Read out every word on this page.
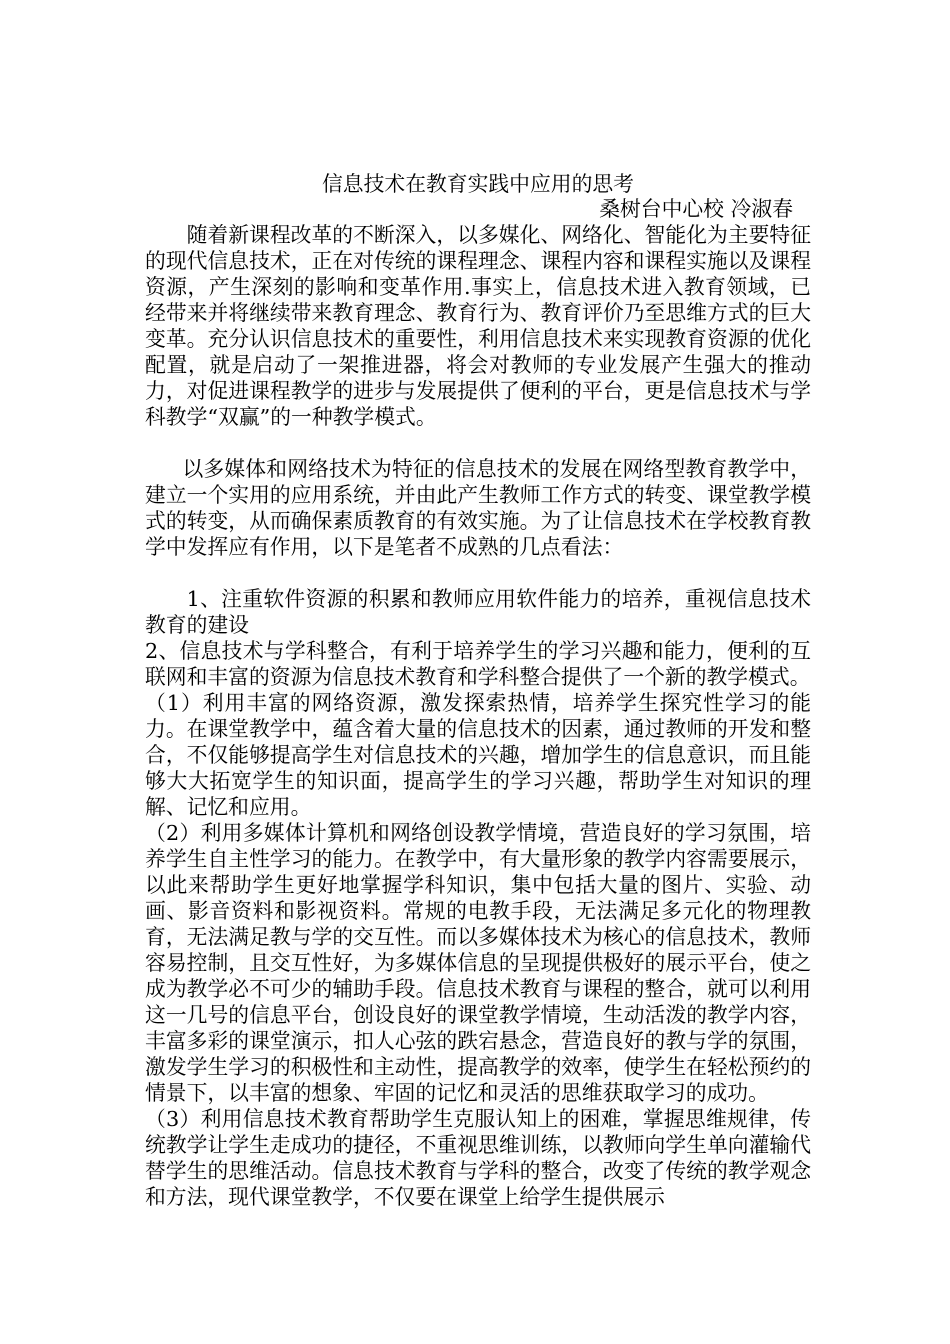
信息技术在教育实践中应用的思考
桑树台中心校 冷淑春

随着新课程改革的不断深入，以多媒化、网络化、智能化为主要特征的现代信息技术，正在对传统的课程理念、课程内容和课程实施以及课程资源，产生深刻的影响和变革作用.事实上，信息技术进入教育领域，已经带来并将继续带来教育理念、教育行为、教育评价乃至思维方式的巨大变革。充分认识信息技术的重要性，利用信息技术来实现教育资源的优化配置，就是启动了一架推进器，将会对教师的专业发展产生强大的推动力，对促进课程教学的进步与发展提供了便利的平台，更是信息技术与学科教学“双赢”的一种教学模式。

以多媒体和网络技术为特征的信息技术的发展在网络型教育教学中，建立一个实用的应用系统，并由此产生教师工作方式的转变、课堂教学模式的转变，从而确保素质教育的有效实施。为了让信息技术在学校教育教学中发挥应有作用，以下是笔者不成熟的几点看法：

1、注重软件资源的积累和教师应用软件能力的培养，重视信息技术教育的建设

2、信息技术与学科整合，有利于培养学生的学习兴趣和能力，便利的互联网和丰富的资源为信息技术教育和学科整合提供了一个新的教学模式。

（1）利用丰富的网络资源，激发探索热情，培养学生探究性学习的能力。在课堂教学中，蕴含着大量的信息技术的因素，通过教师的开发和整合，不仅能够提高学生对信息技术的兴趣，增加学生的信息意识，而且能够大大拓宽学生的知识面，提高学生的学习兴趣，帮助学生对知识的理解、记忆和应用。

（2）利用多媒体计算机和网络创设教学情境，营造良好的学习氛围，培养学生自主性学习的能力。在教学中，有大量形象的教学内容需要展示，以此来帮助学生更好地掌握学科知识，集中包括大量的图片、实验、动画、影音资料和影视资料。常规的电教手段，无法满足多元化的物理教育，无法满足教与学的交互性。而以多媒体技术为核心的信息技术，教师容易控制，且交互性好，为多媒体信息的呈现提供极好的展示平台，使之成为教学必不可少的辅助手段。信息技术教育与课程的整合，就可以利用这一几号的信息平台，创设良好的课堂教学情境，生动活泼的教学内容，丰富多彩的课堂演示，扣人心弦的跌宕悬念，营造良好的教与学的氛围，激发学生学习的积极性和主动性，提高教学的效率，使学生在轻松预约的情景下，以丰富的想象、牢固的记忆和灵活的思维获取学习的成功。

（3）利用信息技术教育帮助学生克服认知上的困难，掌握思维规律，传统教学让学生走成功的捷径，不重视思维训练，以教师向学生单向灌输代替学生的思维活动。信息技术教育与学科的整合，改变了传统的教学观念和方法，现代课堂教学，不仅要在课堂上给学生提供展示
